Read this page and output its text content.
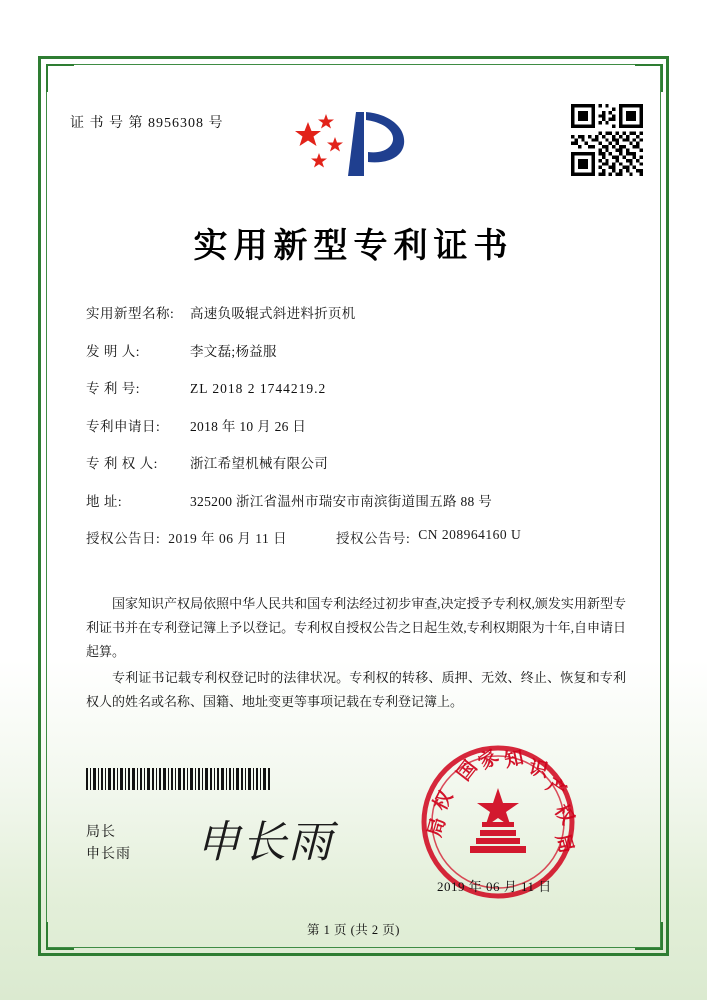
证 书 号 第 8956308 号
实用新型专利证书
实用新型名称:	高速负吸辊式斜进料折页机
发 明 人:	李文磊;杨益服
专 利 号:	ZL 2018 2 1744219.2
专利申请日:	2018 年 10 月 26 日
专 利 权 人:	浙江希望机械有限公司
地 址:	325200 浙江省温州市瑞安市南滨街道围五路 88 号
授权公告日: 2019 年 06 月 11 日	授权公告号: CN 208964160 U

国家知识产权局依照中华人民共和国专利法经过初步审查,决定授予专利权,颁发实用新型专利证书并在专利登记簿上予以登记。专利权自授权公告之日起生效,专利权期限为十年,自申请日起算。

专利证书记载专利权登记时的法律状况。专利权的转移、质押、无效、终止、恢复和专利权人的姓名或名称、国籍、地址变更等事项记载在专利登记簿上。

局长
申长雨 申长雨
国
家 知 识
产
权
局
局
权
2019 年 06 月 11 日
第 1 页 (共 2 页)
